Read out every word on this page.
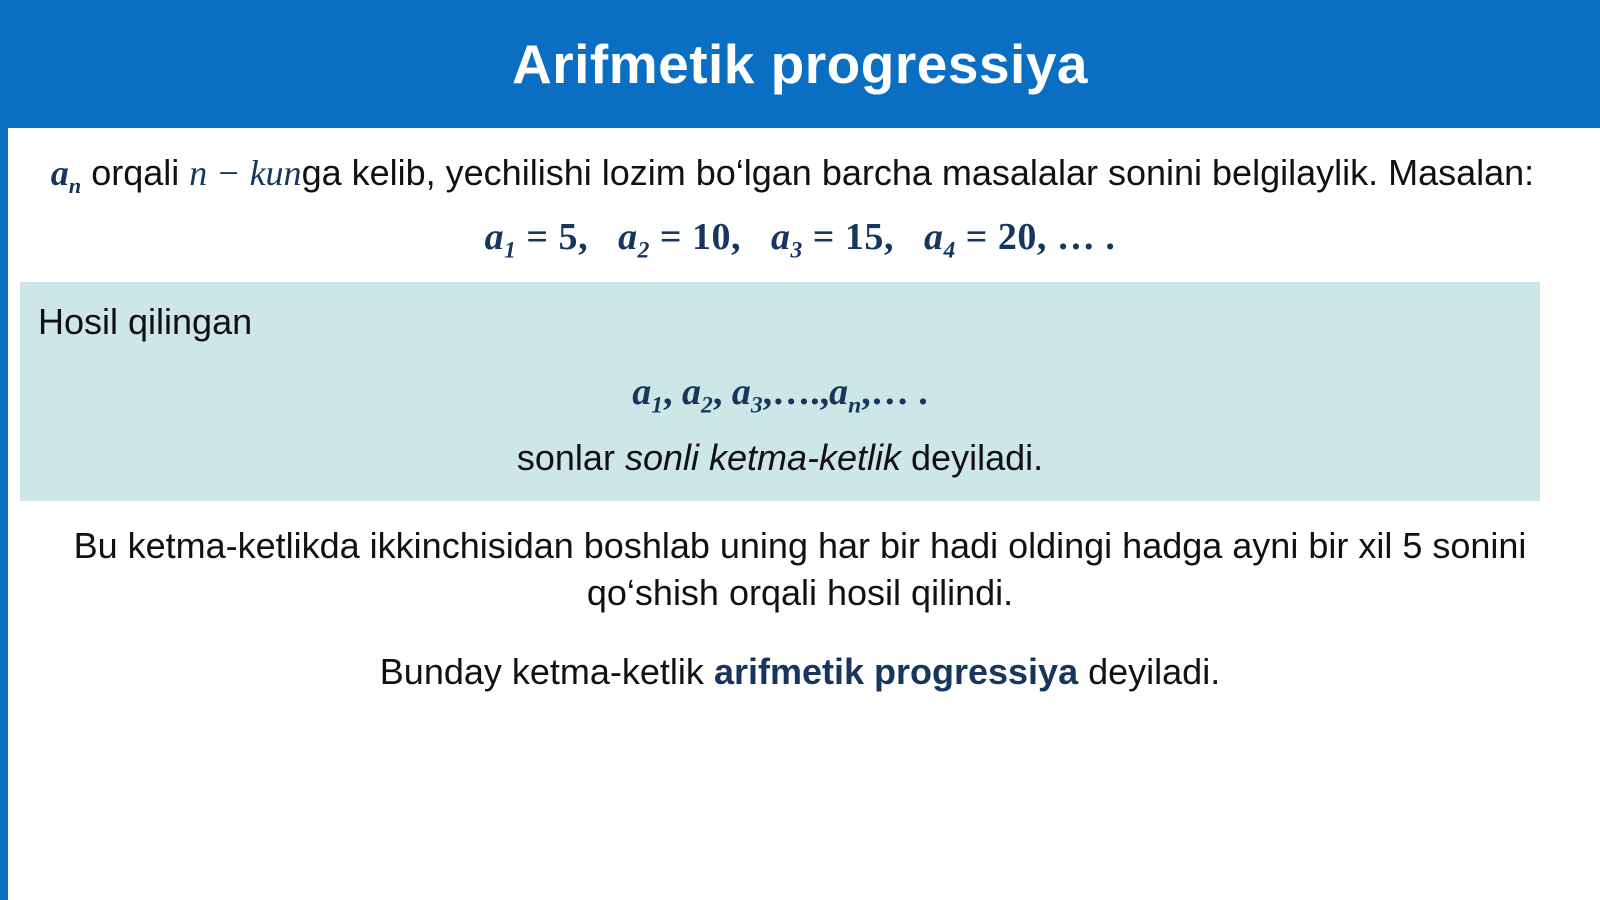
Arifmetik progressiya
$a_n$ orqali n − kunga kelib, yechilishi lozim bo‘lgan barcha masalalar sonini belgilaylik. Masalan:
$a_1 = 5$, $a_2 = 10$, $a_3 = 15$, $a_4 = 20$, … .
Hosil qilingan
$a_1$, $a_2$, $a_3,\dots.,a_n,\dots$ .
sonlar sonli ketma-ketlik deyiladi.
Bu ketma-ketlikda ikkinchisidan boshlab uning har bir hadi oldingi hadga ayni bir xil 5 sonini qo‘shish orqali hosil qilindi.
Bunday ketma-ketlik arifmetik progressiya deyiladi.
